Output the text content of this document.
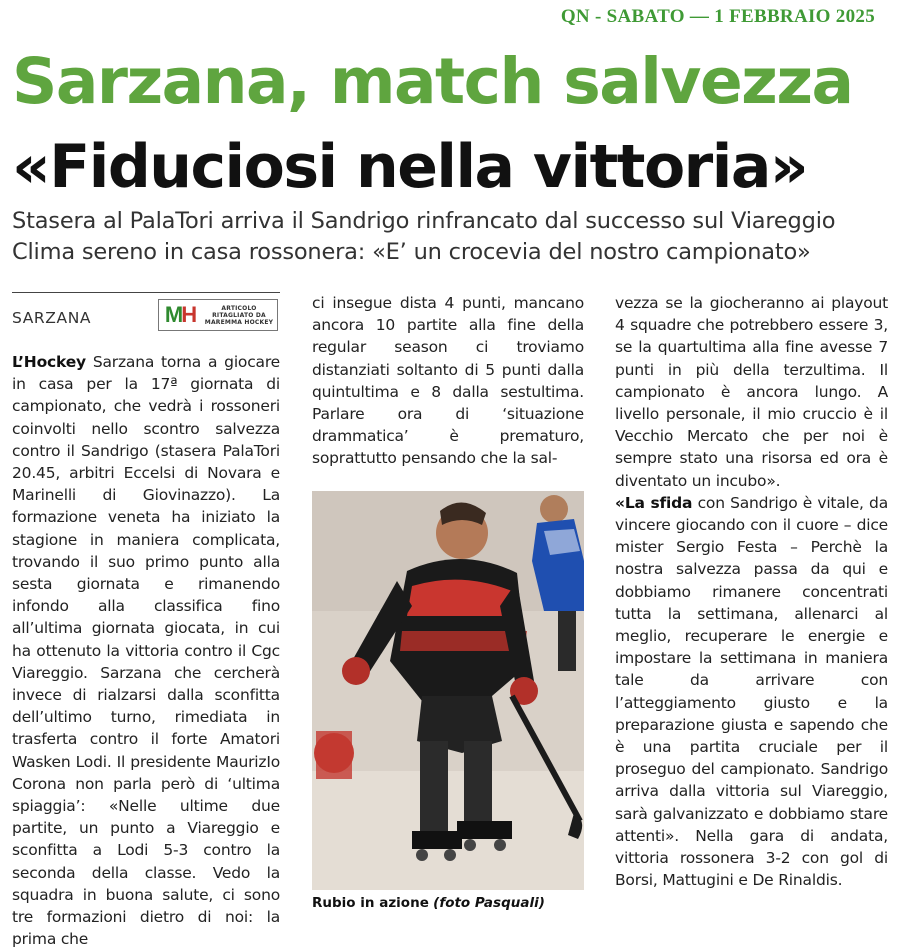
QN - SABATO — 1 FEBBRAIO 2025
Sarzana, match salvezza
«Fiduciosi nella vittoria»
Stasera al PalaTori arriva il Sandrigo rinfrancato dal successo sul Viareggio
Clima sereno in casa rossonera: «E’ un crocevia del nostro campionato»
SARZANA	M H	ARTICOLO RITAGLIATO DA MAREMMA HOCKEY

L’Hockey Sarzana torna a giocare in casa per la 17ª giornata di campionato, che vedrà i rossoneri coinvolti nello scontro salvezza contro il Sandrigo (stasera PalaTori 20.45, arbitri Eccelsi di Novara e Marinelli di Giovinazzo). La formazione veneta ha iniziato la stagione in maniera complicata, trovando il suo primo punto alla sesta giornata e rimanendo infondo alla classifica fino all’ultima giornata giocata, in cui ha ottenuto la vittoria contro il Cgc Viareggio. Sarzana che cercherà invece di rialzarsi dalla sconfitta dell’ultimo turno, rimediata in trasferta contro il forte Amatori Wasken Lodi. Il presidente MaurizIo Corona non parla però di ‘ultima spiaggia’: «Nelle ultime due partite, un punto a Viareggio e sconfitta a Lodi 5-3 contro la seconda della classe. Vedo la squadra in buona salute, ci sono tre formazioni dietro di noi: la prima che

ci insegue dista 4 punti, mancano ancora 10 partite alla fine della regular season ci troviamo distanziati soltanto di 5 punti dalla quintultima e 8 dalla sestultima. Parlare ora di ‘situazione drammatica’ è prematuro, soprattutto pensando che la sal-

Rubio in azione (foto Pasquali)

vezza se la giocheranno ai playout 4 squadre che potrebbero essere 3, se la quartultima alla fine avesse 7 punti in più della terzultima. Il campionato è ancora lungo. A livello personale, il mio cruccio è il Vecchio Mercato che per noi è sempre stato una risorsa ed ora è diventato un incubo».

«La sfida con Sandrigo è vitale, da vincere giocando con il cuore – dice mister Sergio Festa – Perchè la nostra salvezza passa da qui e dobbiamo rimanere concentrati tutta la settimana, allenarci al meglio, recuperare le energie e impostare la settimana in maniera tale da arrivare con l’atteggiamento giusto e la preparazione giusta e sapendo che è una partita cruciale per il proseguo del campionato. Sandrigo arriva dalla vittoria sul Viareggio, sarà galvanizzato e dobbiamo stare attenti». Nella gara di andata, vittoria rossonera 3-2 con gol di Borsi, Mattugini e De Rinaldis.
